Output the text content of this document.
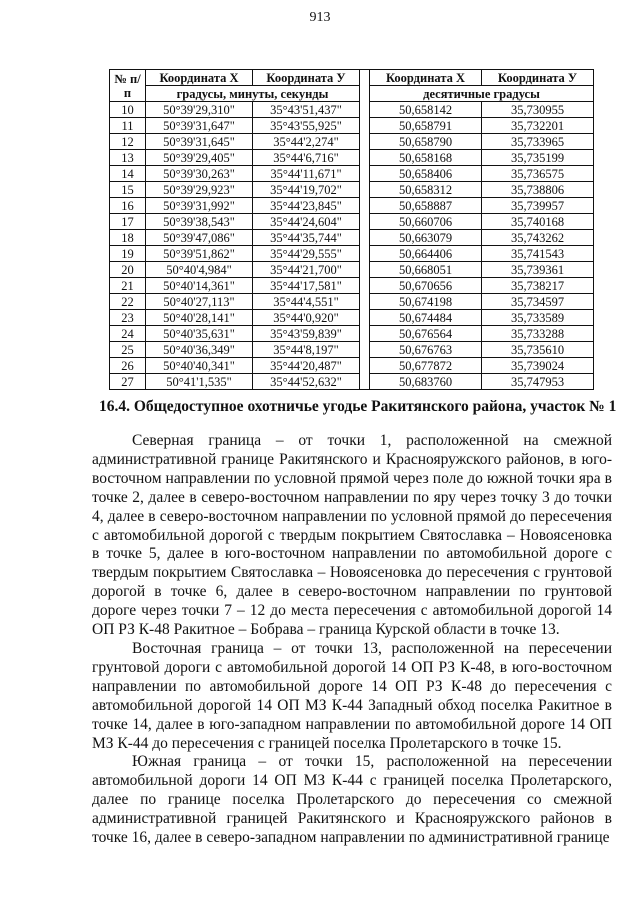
913
№ п/п	Координата X	Координата У		Координата X	Координата У
	градусы, минуты, секунды			десятичные градусы	
10	50°39'29,310"	35°43'51,437"		50,658142	35,730955
11	50°39'31,647"	35°43'55,925"		50,658791	35,732201
12	50°39'31,645"	35°44'2,274"		50,658790	35,733965
13	50°39'29,405"	35°44'6,716"		50,658168	35,735199
14	50°39'30,263"	35°44'11,671"		50,658406	35,736575
15	50°39'29,923"	35°44'19,702"		50,658312	35,738806
16	50°39'31,992"	35°44'23,845"		50,658887	35,739957
17	50°39'38,543"	35°44'24,604"		50,660706	35,740168
18	50°39'47,086"	35°44'35,744"		50,663079	35,743262
19	50°39'51,862"	35°44'29,555"		50,664406	35,741543
20	50°40'4,984"	35°44'21,700"		50,668051	35,739361
21	50°40'14,361"	35°44'17,581"		50,670656	35,738217
22	50°40'27,113"	35°44'4,551"		50,674198	35,734597
23	50°40'28,141"	35°44'0,920"		50,674484	35,733589
24	50°40'35,631"	35°43'59,839"		50,676564	35,733288
25	50°40'36,349"	35°44'8,197"		50,676763	35,735610
26	50°40'40,341"	35°44'20,487"		50,677872	35,739024
27	50°41'1,535"	35°44'52,632"		50,683760	35,747953
16.4. Общедоступное охотничье угодье Ракитянского района, участок № 1

Северная граница – от точки 1, расположенной на смежной административной границе Ракитянского и Краснояружского районов, в юго-восточном направлении по условной прямой через поле до южной точки яра в точке 2, далее в северо-восточном направлении по яру через точку 3 до точки 4, далее в северо-восточном направлении по условной прямой до пересечения с автомобильной дорогой с твердым покрытием Святославка – Новоясеновка в точке 5, далее в юго-восточном направлении по автомобильной дороге с твердым покрытием Святославка – Новоясеновка до пересечения с грунтовой дорогой в точке 6, далее в северо-восточном направлении по грунтовой дороге через точки 7 – 12 до места пересечения с автомобильной дорогой 14 ОП РЗ К-48 Ракитное – Бобрава – граница Курской области в точке 13.

Восточная граница – от точки 13, расположенной на пересечении грунтовой дороги с автомобильной дорогой 14 ОП РЗ К-48, в юго-восточном направлении по автомобильной дороге 14 ОП РЗ К-48 до пересечения с автомобильной дорогой 14 ОП МЗ К-44 Западный обход поселка Ракитное в точке 14, далее в юго-западном направлении по автомобильной дороге 14 ОП МЗ К-44 до пересечения с границей поселка Пролетарского в точке 15.

Южная граница – от точки 15, расположенной на пересечении автомобильной дороги 14 ОП МЗ К-44 с границей поселка Пролетарского, далее по границе поселка Пролетарского до пересечения со смежной административной границей Ракитянского и Краснояружского районов в точке 16, далее в северо-западном направлении по административной границе
